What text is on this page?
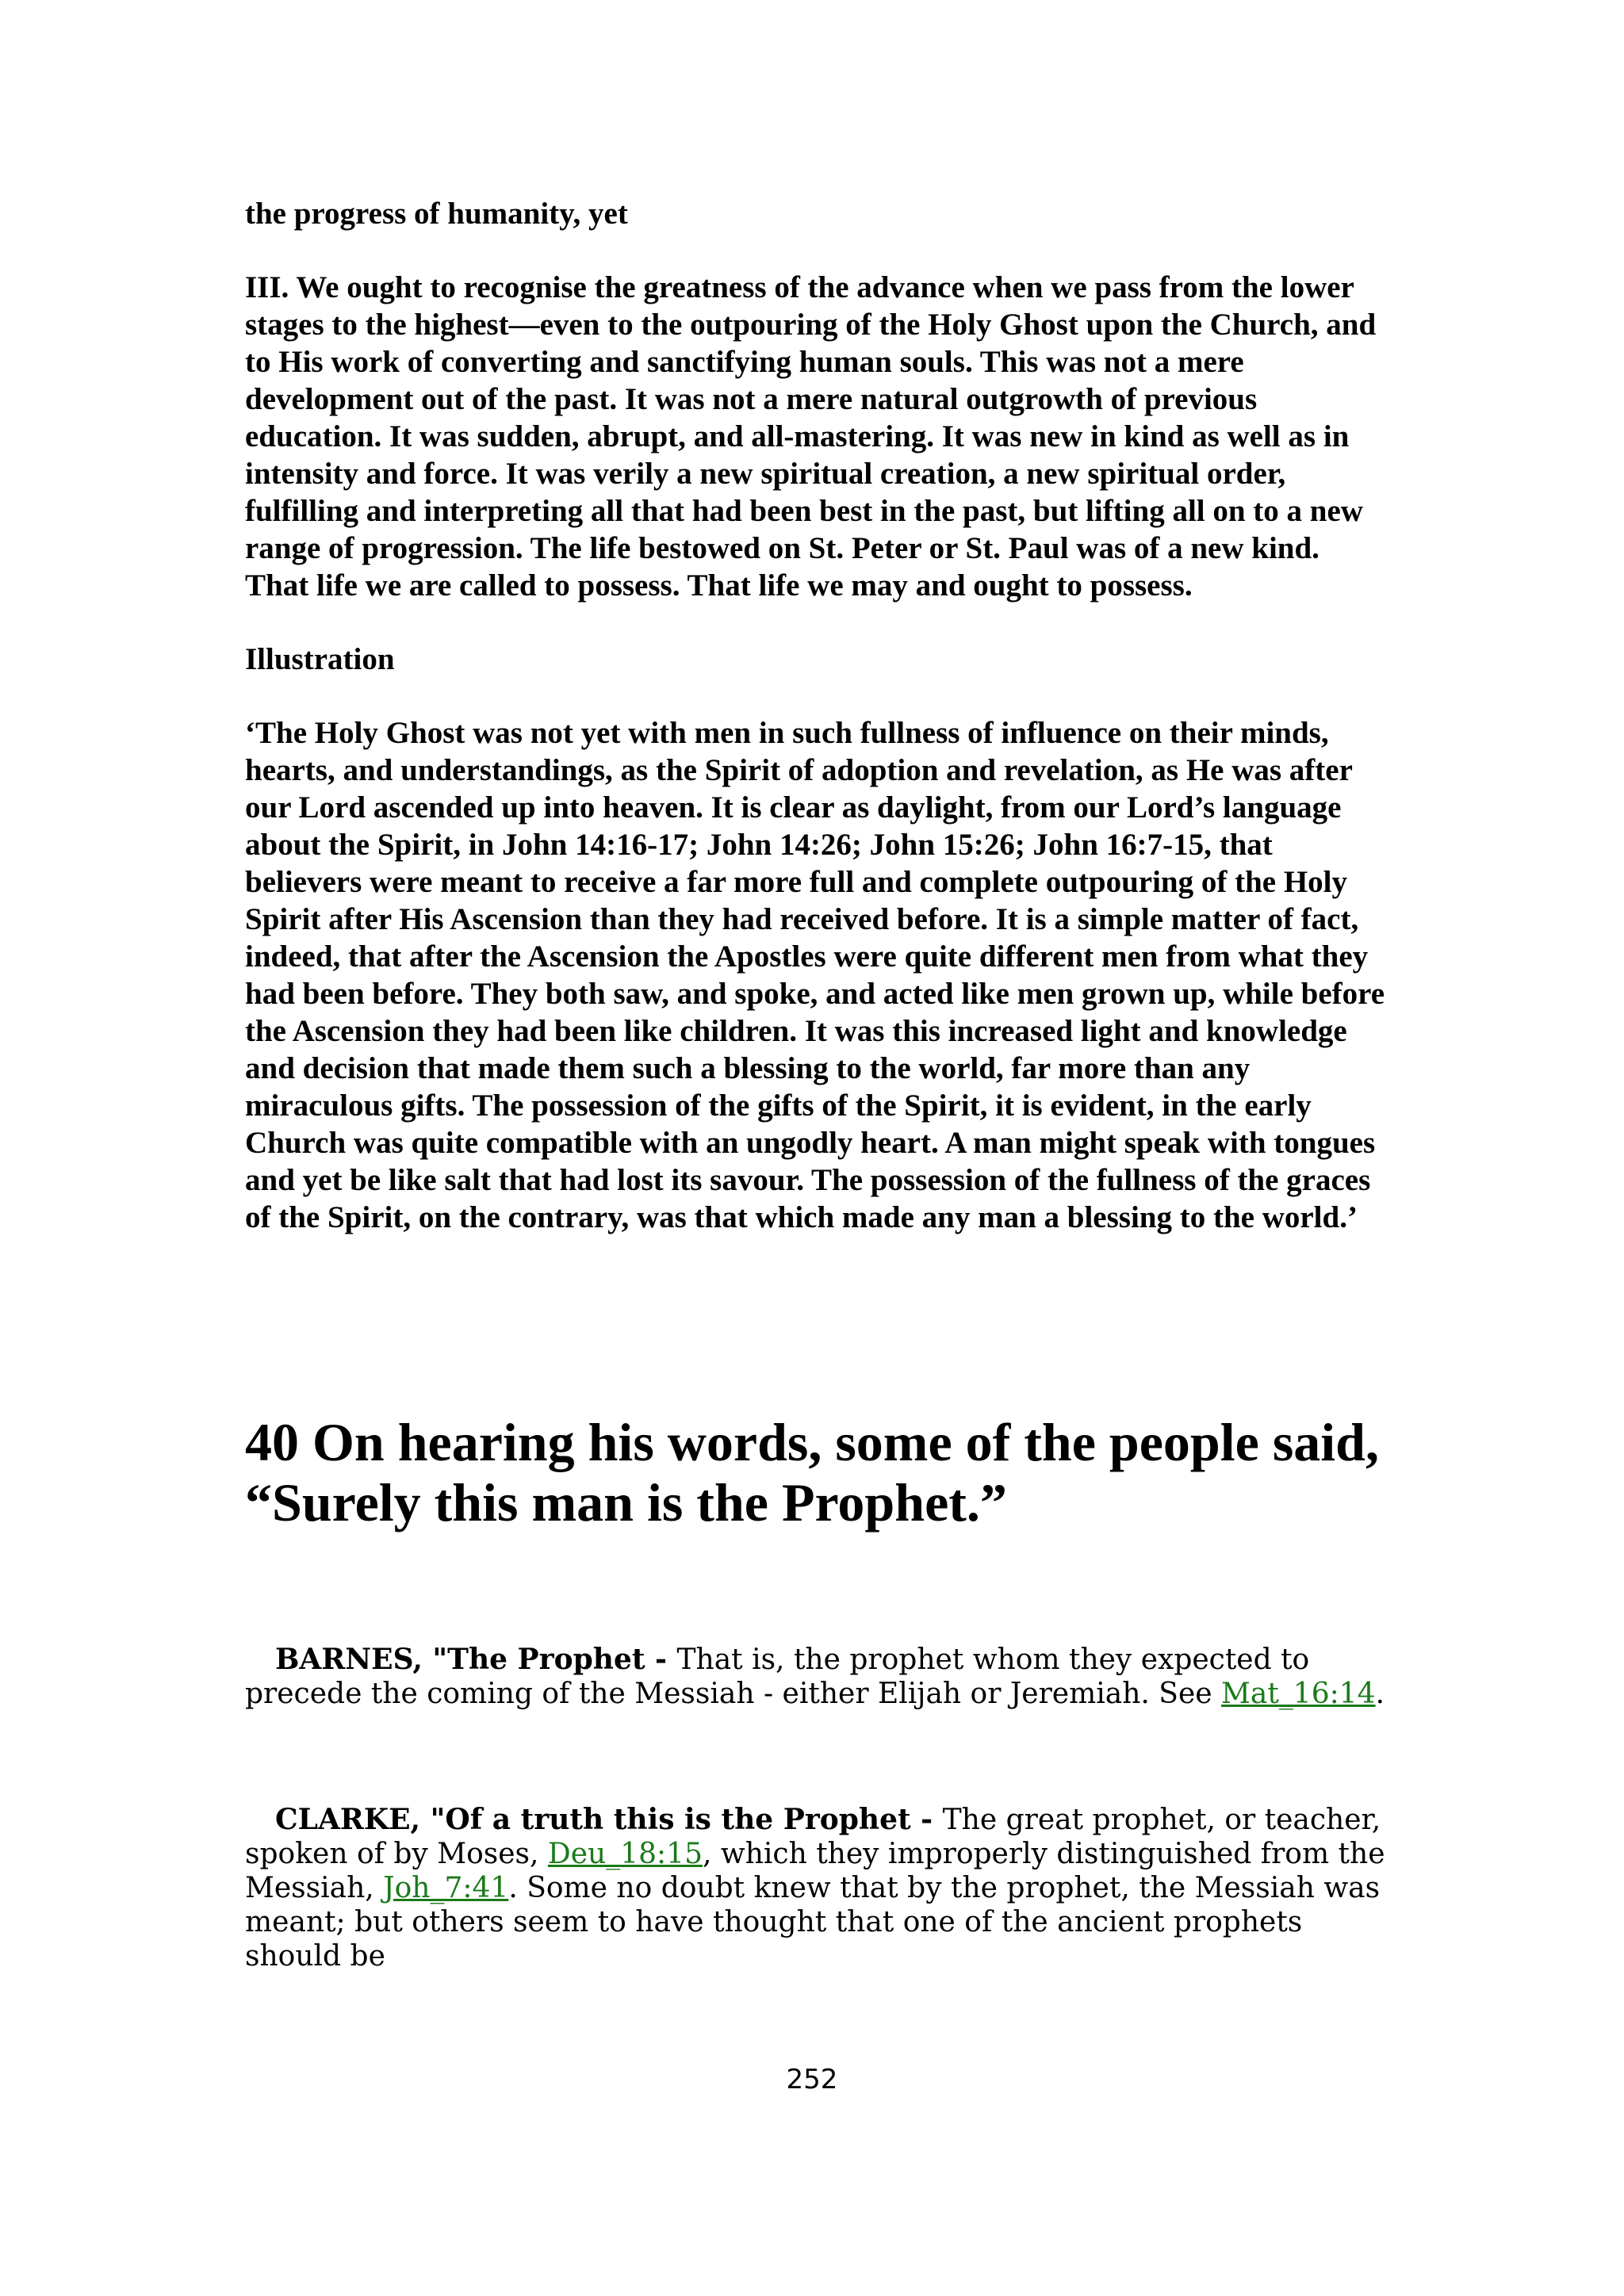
the progress of humanity, yet

III. We ought to recognise the greatness of the advance when we pass from the lower stages to the highest—even to the outpouring of the Holy Ghost upon the Church, and to His work of converting and sanctifying human souls. This was not a mere development out of the past. It was not a mere natural outgrowth of previous education. It was sudden, abrupt, and all-mastering. It was new in kind as well as in intensity and force. It was verily a new spiritual creation, a new spiritual order, fulfilling and interpreting all that had been best in the past, but lifting all on to a new range of progression. The life bestowed on St. Peter or St. Paul was of a new kind. That life we are called to possess. That life we may and ought to possess.

Illustration

‘The Holy Ghost was not yet with men in such fullness of influence on their minds, hearts, and understandings, as the Spirit of adoption and revelation, as He was after our Lord ascended up into heaven. It is clear as daylight, from our Lord’s language about the Spirit, in John 14:16-17; John 14:26; John 15:26; John 16:7-15, that believers were meant to receive a far more full and complete outpouring of the Holy Spirit after His Ascension than they had received before. It is a simple matter of fact, indeed, that after the Ascension the Apostles were quite different men from what they had been before. They both saw, and spoke, and acted like men grown up, while before the Ascension they had been like children. It was this increased light and knowledge and decision that made them such a blessing to the world, far more than any miraculous gifts. The possession of the gifts of the Spirit, it is evident, in the early Church was quite compatible with an ungodly heart. A man might speak with tongues and yet be like salt that had lost its savour. The possession of the fullness of the graces of the Spirit, on the contrary, was that which made any man a blessing to the world.’

40 On hearing his words, some of the people said, “Surely this man is the Prophet.”

BARNES, "The Prophet - That is, the prophet whom they expected to precede the coming of the Messiah - either Elijah or Jeremiah. See Mat_16:14.

CLARKE, "Of a truth this is the Prophet - The great prophet, or teacher, spoken of by Moses, Deu_18:15, which they improperly distinguished from the Messiah, Joh_7:41. Some no doubt knew that by the prophet, the Messiah was meant; but others seem to have thought that one of the ancient prophets should be

252
